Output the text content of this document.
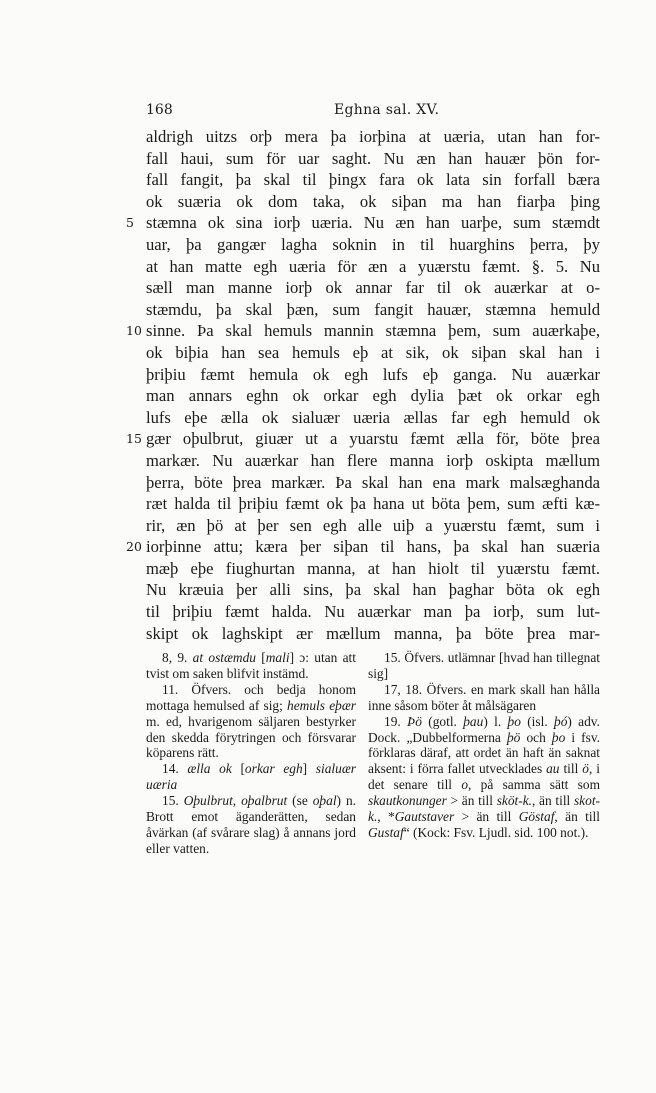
168	Eghna sal. XV.
aldrigh uitzs orþ mera þa iorþina at uæria, utan han for-
fall haui, sum för uar saght. Nu æn han hauær þön for-
fall fangit, þa skal til þingx fara ok lata sin forfall bæra
ok suæria ok dom taka, ok siþan ma han fiarþa þing
5 stæmna ok sina iorþ uæria. Nu æn han uarþe, sum stæmdt
uar, þa gangær lagha soknin in til huarghins þerra, þy
at han matte egh uæria för æn a yuærstu fæmt. §. 5. Nu
sæll man manne iorþ ok annar far til ok auærkar at o-
stæmdu, þa skal þæn, sum fangit hauær, stæmna hemuld
10 sinne. Þa skal hemuls mannin stæmna þem, sum auærkaþe,
ok biþia han sea hemuls eþ at sik, ok siþan skal han i
þriþiu fæmt hemula ok egh lufs eþ ganga. Nu auærkar
man annars eghn ok orkar egh dylia þæt ok orkar egh
lufs eþe ælla ok sialuær uæria ællas far egh hemuld ok
15 gær oþulbrut, giuær ut a yuarstu fæmt ælla för, böte þrea
markær. Nu auærkar han flere manna iorþ oskipta mællum
þerra, böte þrea markær. Þa skal han ena mark malsæghanda
ræt halda til þriþiu fæmt ok þa hana ut böta þem, sum æfti kæ-
rir, æn þö at þer sen egh alle uiþ a yuærstu fæmt, sum i
20 iorþinne attu; kæra þer siþan til hans, þa skal han suæria
mæþ eþe fiughurtan manna, at han hiolt til yuærstu fæmt.
Nu kræuia þer alli sins, þa skal han þaghar böta ok egh
til þriþiu fæmt halda. Nu auærkar man þa iorþ, sum lut-
skipt ok laghskipt ær mællum manna, þa böte þrea mar-
8, 9. at ostæmdu [mali] ɔ: utan att tvist om saken blifvit instämd.
11. Öfvers. och bedja honom mottaga hemulsed af sig; hemuls eþær m. ed, hvarigenom säljaren bestyrker den skedda förytringen och försvarar köparens rätt.
14. ælla ok [orkar egh] sialuær uæria
15. Oþulbrut, oþalbrut (se oþal) n. Brott emot äganderätten, sedan åvärkan (af svårare slag) å annans jord eller vatten.
15. Öfvers. utlämnar [hvad han tillegnat sig]
17, 18. Öfvers. en mark skall han hålla inne såsom böter åt målsägaren
19. Þö (gotl. þau) l. þo (isl. þó) adv. Dock. „Dubbelformerna þö och þo i fsv. förklaras däraf, att ordet än haft än saknat aksent: i förra fallet utvecklades au till ö, i det senare till o, på samma sätt som skautkonunger > än till sköt-k., än till skot-k., *Gautstaver > än till Göstaf, än till Gustaf“ (Kock: Fsv. Ljudl. sid. 100 not.).
